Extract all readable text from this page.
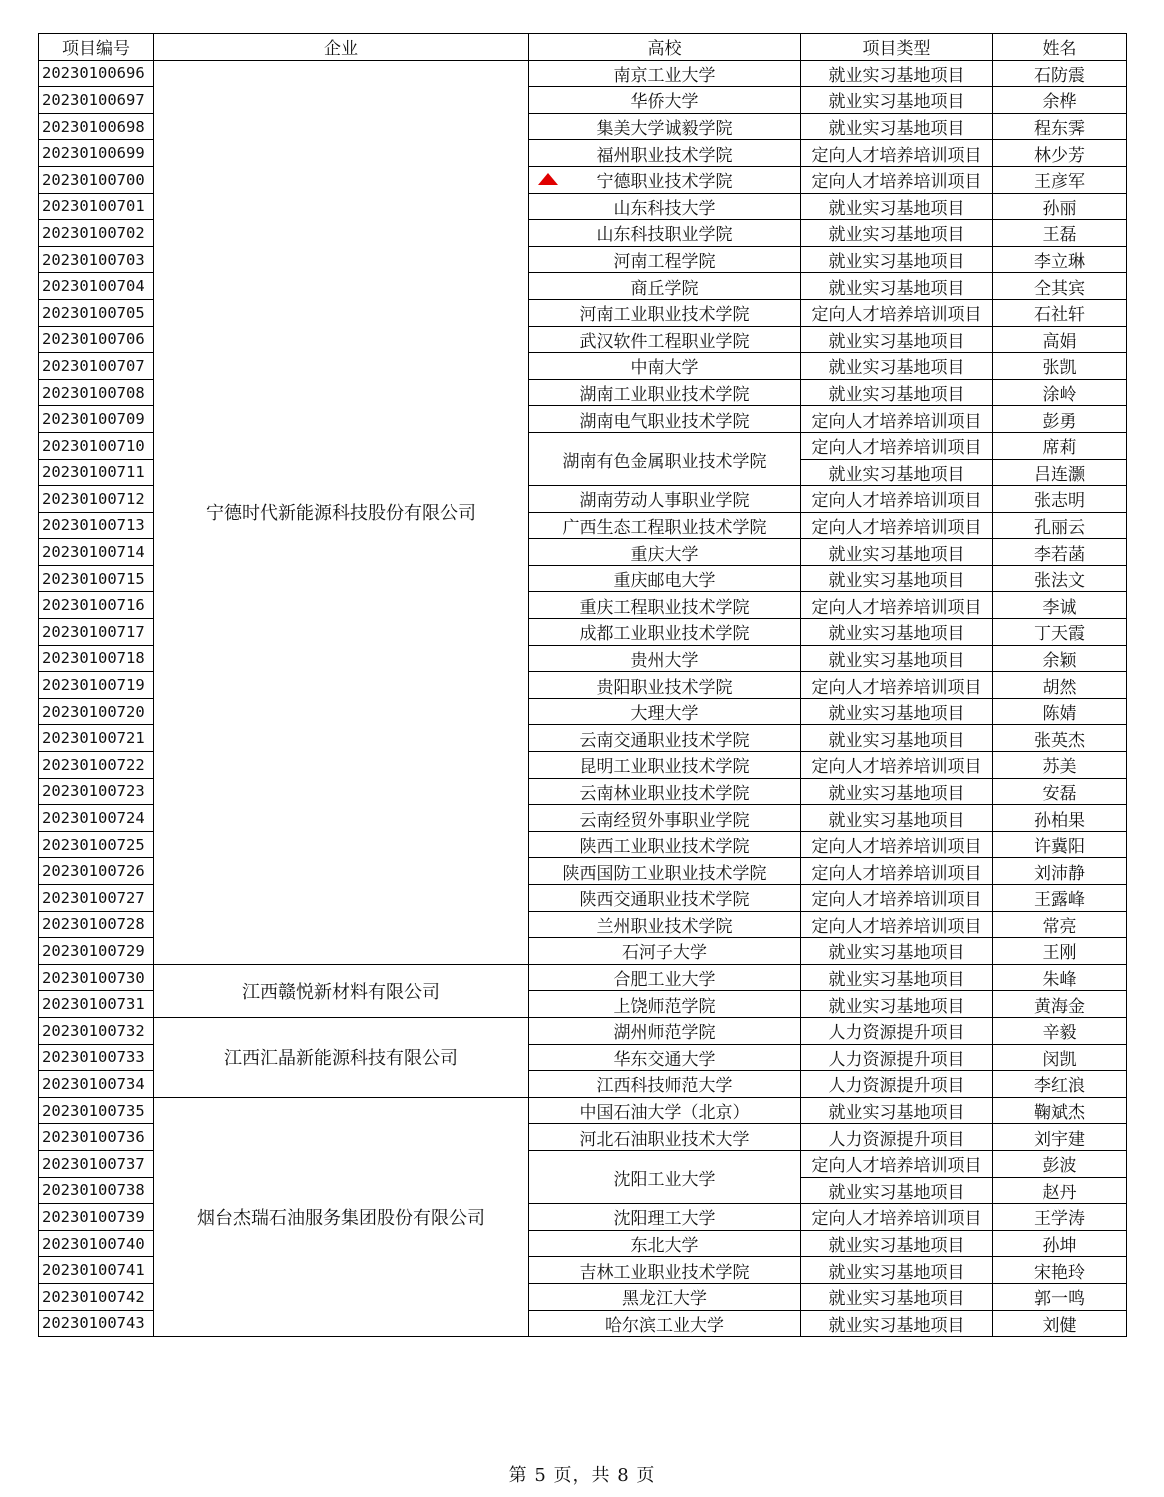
项目编号	企业	高校	项目类型	姓名
20230100696	宁德时代新能源科技股份有限公司	南京工业大学	就业实习基地项目	石防震
20230100697		华侨大学	就业实习基地项目	余桦
20230100698		集美大学诚毅学院	就业实习基地项目	程东霁
20230100699		福州职业技术学院	定向人才培养培训项目	林少芳
20230100700		宁德职业技术学院	定向人才培养培训项目	王彦军
20230100701		山东科技大学	就业实习基地项目	孙丽
20230100702		山东科技职业学院	就业实习基地项目	王磊
20230100703		河南工程学院	就业实习基地项目	李立琳
20230100704		商丘学院	就业实习基地项目	仝其宾
20230100705		河南工业职业技术学院	定向人才培养培训项目	石社轩
20230100706		武汉软件工程职业学院	就业实习基地项目	高娟
20230100707		中南大学	就业实习基地项目	张凯
20230100708		湖南工业职业技术学院	就业实习基地项目	涂岭
20230100709		湖南电气职业技术学院	定向人才培养培训项目	彭勇
20230100710		湖南有色金属职业技术学院	定向人才培养培训项目	席莉
20230100711			就业实习基地项目	吕连灏
20230100712		湖南劳动人事职业学院	定向人才培养培训项目	张志明
20230100713		广西生态工程职业技术学院	定向人才培养培训项目	孔丽云
20230100714		重庆大学	就业实习基地项目	李若菡
20230100715		重庆邮电大学	就业实习基地项目	张法文
20230100716		重庆工程职业技术学院	定向人才培养培训项目	李诚
20230100717		成都工业职业技术学院	就业实习基地项目	丁天霞
20230100718		贵州大学	就业实习基地项目	余颖
20230100719		贵阳职业技术学院	定向人才培养培训项目	胡然
20230100720		大理大学	就业实习基地项目	陈婧
20230100721		云南交通职业技术学院	就业实习基地项目	张英杰
20230100722		昆明工业职业技术学院	定向人才培养培训项目	苏美
20230100723		云南林业职业技术学院	就业实习基地项目	安磊
20230100724		云南经贸外事职业学院	就业实习基地项目	孙柏果
20230100725		陕西工业职业技术学院	定向人才培养培训项目	许冀阳
20230100726		陕西国防工业职业技术学院	定向人才培养培训项目	刘沛静
20230100727		陕西交通职业技术学院	定向人才培养培训项目	王露峰
20230100728		兰州职业技术学院	定向人才培养培训项目	常亮
20230100729		石河子大学	就业实习基地项目	王刚
20230100730	江西赣悦新材料有限公司	合肥工业大学	就业实习基地项目	朱峰
20230100731		上饶师范学院	就业实习基地项目	黄海金
20230100732	江西汇晶新能源科技有限公司	湖州师范学院	人力资源提升项目	辛毅
20230100733		华东交通大学	人力资源提升项目	闵凯
20230100734		江西科技师范大学	人力资源提升项目	李红浪
20230100735	烟台杰瑞石油服务集团股份有限公司	中国石油大学（北京）	就业实习基地项目	鞠斌杰
20230100736		河北石油职业技术大学	人力资源提升项目	刘宇建
20230100737		沈阳工业大学	定向人才培养培训项目	彭波
20230100738			就业实习基地项目	赵丹
20230100739		沈阳理工大学	定向人才培养培训项目	王学涛
20230100740		东北大学	就业实习基地项目	孙坤
20230100741		吉林工业职业技术学院	就业实习基地项目	宋艳玲
20230100742		黑龙江大学	就业实习基地项目	郭一鸣
20230100743		哈尔滨工业大学	就业实习基地项目	刘健
第 5 页，共 8 页
